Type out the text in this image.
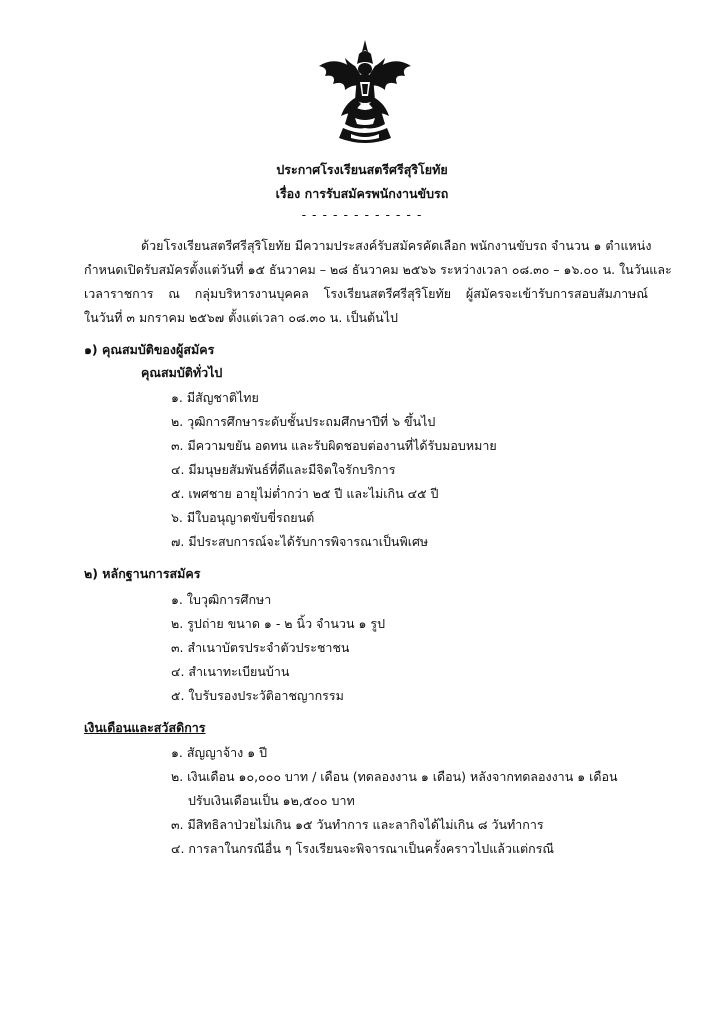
ประกาศโรงเรียนสตรีศรีสุริโยทัย
เรื่อง การรับสมัครพนักงานขับรถ
- - - - - - - - - - - -
ด้วยโรงเรียนสตรีศรีสุริโยทัย มีความประสงค์รับสมัครคัดเลือก พนักงานขับรถ จำนวน ๑ ตำแหน่ง
กำหนดเปิดรับสมัครตั้งแต่วันที่ ๑๕ ธันวาคม – ๒๘ ธันวาคม ๒๕๖๖ ระหว่างเวลา ๐๘.๓๐ – ๑๖.๐๐ น. ในวันและ
เวลาราชการ ณ กลุ่มบริหารงานบุคคล โรงเรียนสตรีศรีสุริโยทัย ผู้สมัครจะเข้ารับการสอบสัมภาษณ์
ในวันที่ ๓ มกราคม ๒๕๖๗ ตั้งแต่เวลา ๐๘.๓๐ น. เป็นต้นไป
๑) คุณสมบัติของผู้สมัคร
คุณสมบัติทั่วไป
๑. มีสัญชาติไทย
๒. วุฒิการศึกษาระดับชั้นประถมศึกษาปีที่ ๖ ขึ้นไป
๓. มีความขยัน อดทน และรับผิดชอบต่องานที่ได้รับมอบหมาย
๔. มีมนุษยสัมพันธ์ที่ดีและมีจิตใจรักบริการ
๕. เพศชาย อายุไม่ต่ำกว่า ๒๕ ปี และไม่เกิน ๔๕ ปี
๖. มีใบอนุญาตขับขี่รถยนต์
๗. มีประสบการณ์จะได้รับการพิจารณาเป็นพิเศษ
๒) หลักฐานการสมัคร
๑. ใบวุฒิการศึกษา
๒. รูปถ่าย ขนาด ๑ - ๒ นิ้ว จำนวน ๑ รูป
๓. สำเนาบัตรประจำตัวประชาชน
๔. สำเนาทะเบียนบ้าน
๕. ใบรับรองประวัติอาชญากรรม
เงินเดือนและสวัสดิการ
๑. สัญญาจ้าง ๑ ปี
๒. เงินเดือน ๑๐,๐๐๐ บาท / เดือน (ทดลองงาน ๑ เดือน) หลังจากทดลองงาน ๑ เดือน
ปรับเงินเดือนเป็น ๑๒,๕๐๐ บาท
๓. มีสิทธิลาป่วยไม่เกิน ๑๕ วันทำการ และลากิจได้ไม่เกิน ๘ วันทำการ
๔. การลาในกรณีอื่น ๆ โรงเรียนจะพิจารณาเป็นครั้งคราวไปแล้วแต่กรณี
